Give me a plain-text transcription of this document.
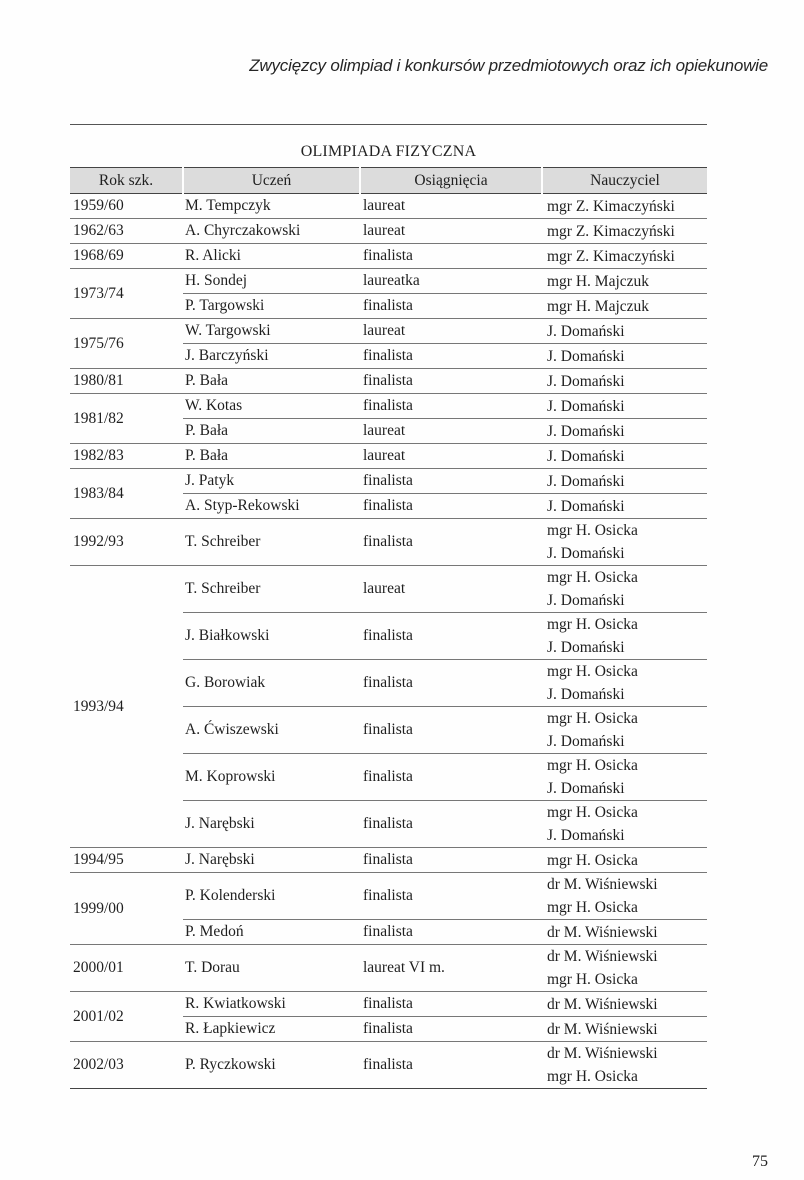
Zwycięzcy olimpiad i konkursów przedmiotowych oraz ich opiekunowie
OLIMPIADA FIZYCZNA
Rok szk.	Uczeń	Osiągnięcia	Nauczyciel
1959/60	M. Tempczyk	laureat	mgr Z. Kimaczyński

1962/63	A. Chyrczakowski	laureat	mgr Z. Kimaczyński

1968/69	R. Alicki	finalista	mgr Z. Kimaczyński

1973/74	H. Sondej	laureatka	mgr H. Majczuk

	P. Targowski	finalista	mgr H. Majczuk

1975/76	W. Targowski	laureat	J. Domański

	J. Barczyński	finalista	J. Domański

1980/81	P. Bała	finalista	J. Domański

1981/82	W. Kotas	finalista	J. Domański

	P. Bała	laureat	J. Domański

1982/83	P. Bała	laureat	J. Domański

1983/84	J. Patyk	finalista	J. Domański

	A. Styp-Rekowski	finalista	J. Domański

1992/93	T. Schreiber	finalista	mgr H. Osicka
J. Domański

1993/94	T. Schreiber	laureat	mgr H. Osicka
J. Domański

	J. Białkowski	finalista	mgr H. Osicka
J. Domański

	G. Borowiak	finalista	mgr H. Osicka
J. Domański

	A. Ćwiszewski	finalista	mgr H. Osicka
J. Domański

	M. Koprowski	finalista	mgr H. Osicka
J. Domański

	J. Narębski	finalista	mgr H. Osicka
J. Domański

1994/95	J. Narębski	finalista	mgr H. Osicka

1999/00	P. Kolenderski	finalista	dr M. Wiśniewski
mgr H. Osicka

	P. Medoń	finalista	dr M. Wiśniewski

2000/01	T. Dorau	laureat VI m.	dr M. Wiśniewski
mgr H. Osicka

2001/02	R. Kwiatkowski	finalista	dr M. Wiśniewski

	R. Łapkiewicz	finalista	dr M. Wiśniewski

2002/03	P. Ryczkowski	finalista	dr M. Wiśniewski
mgr H. Osicka
75
